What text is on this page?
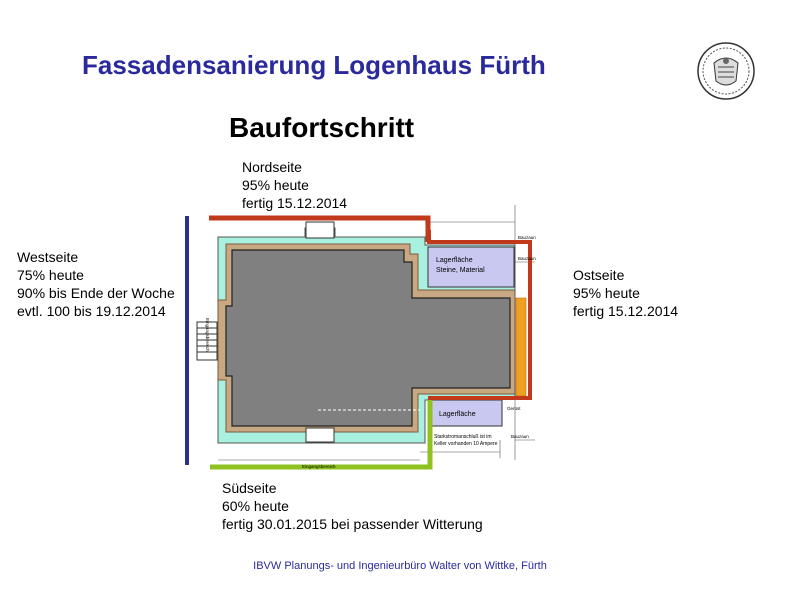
Fassadensanierung Logenhaus Fürth
Baufortschritt
Nordseite
95% heute
fertig 15.12.2014
Westseite
75% heute
90% bis Ende der Woche
evtl. 100 bis 19.12.2014
Ostseite
95% heute
fertig 15.12.2014
Südseite
60% heute
fertig 30.01.2015 bei passender Witterung
Lagerfläche
Steine, Material
Lagerfläche
Starkstromanschluß ist im
Keller vorhanden 10 Ampere
Eingangsbereich
Eingangsbereich
Bauzaun
Bauzaun
Bauzaun
Gerüst
IBVW Planungs- und Ingenieurbüro Walter von Wittke, Fürth
